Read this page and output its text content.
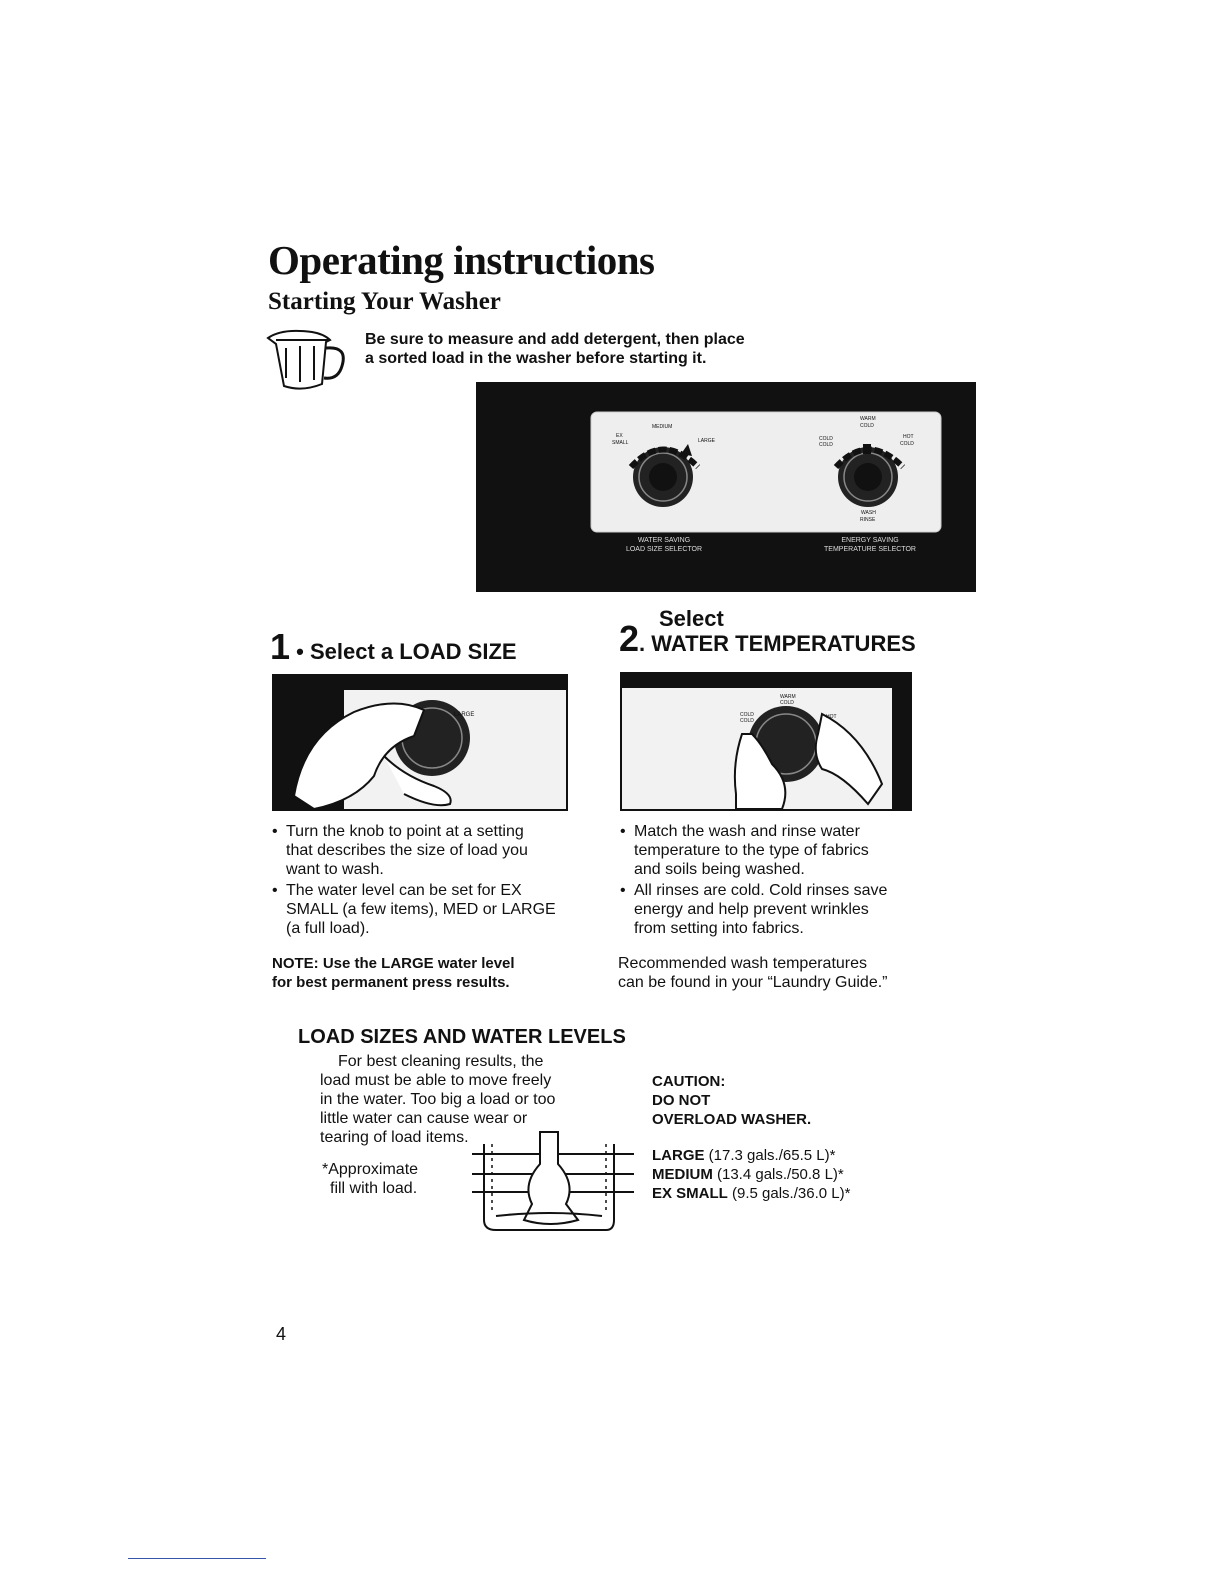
Operating instructions
Starting Your Washer
Be sure to measure and add detergent, then place
a sorted load in the washer before starting it.
EX
SMALL
MEDIUM
LARGE
WARM
COLD
COLD
COLD
HOT
COLD
WASH
RINSE
WATER SAVING
LOAD SIZE SELECTOR
ENERGY SAVING
TEMPERATURE SELECTOR
1 • Select a LOAD SIZE
LARGE
• Turn the knob to point at a setting
that describes the size of load you
want to wash.
• The water level can be set for EX
SMALL (a few items), MED or LARGE
(a full load).
NOTE: Use the LARGE water level
for best permanent press results.
Select
2. WATER TEMPERATURES
WARM
COLD
COLD
COLD
HOT
• Match the wash and rinse water
temperature to the type of fabrics
and soils being washed.
• All rinses are cold. Cold rinses save
energy and help prevent wrinkles
from setting into fabrics.
Recommended wash temperatures
can be found in your “Laundry Guide.”
LOAD SIZES AND WATER LEVELS
For best cleaning results, the
load must be able to move freely
in the water. Too big a load or too
little water can cause wear or
tearing of load items.
*Approximate
fill with load.
CAUTION:
DO NOT
OVERLOAD WASHER.
LARGE (17.3 gals./65.5 L)*
MEDIUM (13.4 gals./50.8 L)*
EX SMALL (9.5 gals./36.0 L)*
4
